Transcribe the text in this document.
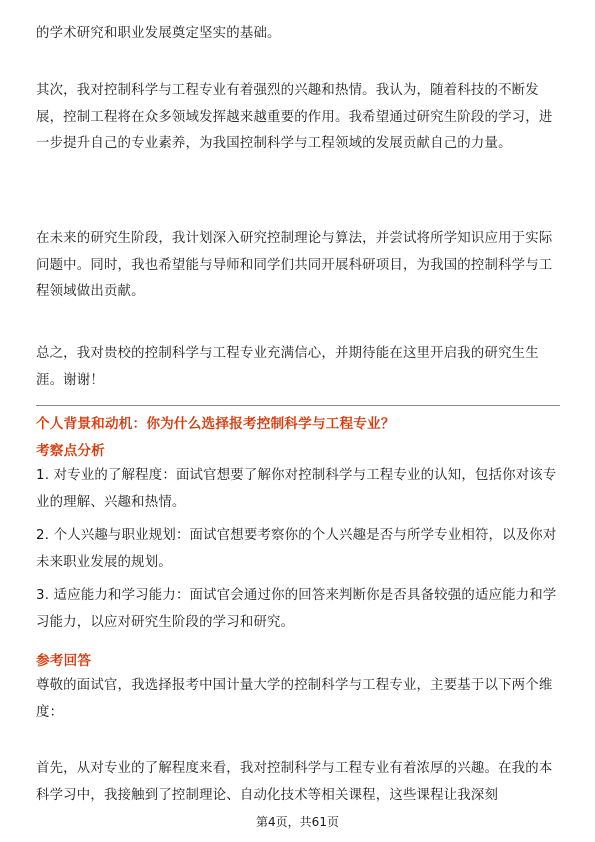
的学术研究和职业发展奠定坚实的基础。

其次，我对控制科学与工程专业有着强烈的兴趣和热情。我认为，随着科技的不断发展，控制工程将在众多领域发挥越来越重要的作用。我希望通过研究生阶段的学习，进一步提升自己的专业素养，为我国控制科学与工程领域的发展贡献自己的力量。

在未来的研究生阶段，我计划深入研究控制理论与算法，并尝试将所学知识应用于实际问题中。同时，我也希望能与导师和同学们共同开展科研项目，为我国的控制科学与工程领域做出贡献。

总之，我对贵校的控制科学与工程专业充满信心，并期待能在这里开启我的研究生生涯。谢谢！

个人背景和动机：你为什么选择报考控制科学与工程专业？

考察点分析

1. 对专业的了解程度：面试官想要了解你对控制科学与工程专业的认知，包括你对该专业的理解、兴趣和热情。

2. 个人兴趣与职业规划：面试官想要考察你的个人兴趣是否与所学专业相符，以及你对未来职业发展的规划。

3. 适应能力和学习能力：面试官会通过你的回答来判断你是否具备较强的适应能力和学习能力，以应对研究生阶段的学习和研究。

参考回答

尊敬的面试官，我选择报考中国计量大学的控制科学与工程专业，主要基于以下两个维度：

首先，从对专业的了解程度来看，我对控制科学与工程专业有着浓厚的兴趣。在我的本科学习中，我接触到了控制理论、自动化技术等相关课程，这些课程让我深刻

第4页，共61页
